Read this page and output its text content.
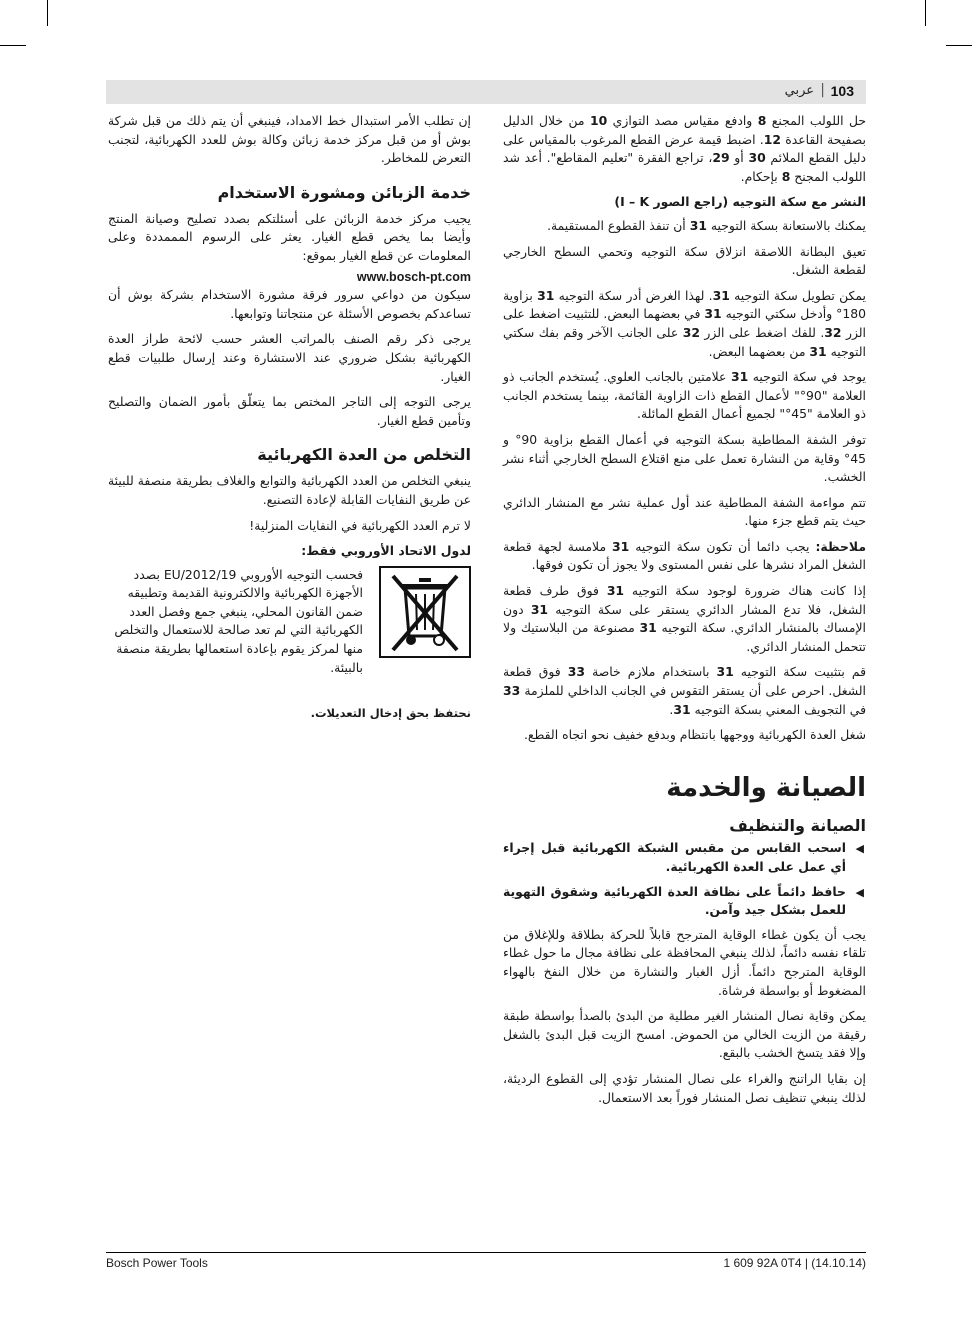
103
|
عربي

حل اللولب المجنع 8 وادفع مقياس مصد التوازي 10 من خلال الدليل بصفيحة القاعدة 12. اضبط قيمة عرض القطع المرغوب بالمقياس على دليل القطع الملائم 30 أو 29، تراجع الفقرة "تعليم المقاطع". أعد شد اللولب المجنح 8 بإحكام.

النشر مع سكة التوجيه (راجع الصور I – K)

يمكنك بالاستعانة بسكة التوجيه 31 أن تنفذ القطوع المستقيمة.

تعيق البطانة اللاصقة انزلاق سكة التوجيه وتحمي السطح الخارجي لقطعة الشغل.

يمكن تطويل سكة التوجيه 31. لهذا الغرض أدر سكة التوجيه 31 بزاوية 180° وأدخل سكتي التوجيه 31 في بعضهما البعض. للتثبيت اضغط على الزر 32. للفك اضغط على الزر 32 على الجانب الآخر وقم بفك سكتي التوجيه 31 من بعضهما البعض.

يوجد في سكة التوجيه 31 علامتين بالجانب العلوي. يُستخدم الجانب ذو العلامة "90°" لأعمال القطع ذات الزاوية القائمة، بينما يستخدم الجانب ذو العلامة "45°" لجميع أعمال القطع المائلة.

توفر الشفة المطاطية بسكة التوجيه في أعمال القطع بزاوية 90° و 45° وقاية من النشارة تعمل على منع اقتلاع السطح الخارجي أثناء نشر الخشب.

تتم مواءمة الشفة المطاطية عند أول عملية نشر مع المنشار الدائري حيث يتم قطع جزء منها.

ملاحظة: يجب دائما أن تكون سكة التوجيه 31 ملامسة لجهة قطعة الشغل المراد نشرها على نفس المستوى ولا يجوز أن تكون فوقها.

إذا كانت هناك ضرورة لوجود سكة التوجيه 31 فوق طرف قطعة الشغل، فلا تدع المشار الدائري يستقر على سكة التوجيه 31 دون الإمساك بالمنشار الدائري. سكة التوجيه 31 مصنوعة من البلاستيك ولا تتحمل المنشار الدائري.

قم بتثبيت سكة التوجيه 31 باستخدام ملازم خاصة 33 فوق قطعة الشغل. احرص على أن يستقر التقوس في الجانب الداخلي للملزمة 33 في التجويف المعني بسكة التوجيه 31.

شغل العدة الكهربائية ووجهها بانتظام وبدفع خفيف نحو اتجاه القطع.

الصيانة والخدمة
الصيانة والتنظيف
◀
اسحب القابس من مقبس الشبكة الكهربائية قبل إجراء أي عمل على العدة الكهربائية.
◀
حافظ دائماً على نظافة العدة الكهربائية وشقوق التهوية للعمل بشكل جيد وآمن.

يجب أن يكون غطاء الوقاية المترجح قابلاً للحركة بطلاقة وللإغلاق من تلقاء نفسه دائماً، لذلك ينبغي المحافظة على نظافة مجال ما حول غطاء الوقاية المترجح دائماً. أزل الغبار والنشارة من خلال النفخ بالهواء المضغوط أو بواسطة فرشاة.

يمكن وقاية نصال المنشار الغير مطلية من البدئ بالصدأ بواسطة طبقة رقيقة من الزيت الخالي من الحموض. امسح الزيت قبل البدئ بالشغل وإلا فقد يتسخ الخشب بالبقع.

إن بقايا الراتنج والغراء على نصال المنشار تؤدي إلى القطوع الرديئة، لذلك ينبغي تنظيف نصل المنشار فوراً بعد الاستعمال.

إن تطلب الأمر استبدال خط الامداد، فينبغي أن يتم ذلك من قبل شركة بوش أو من قبل مركز خدمة زبائن وكالة بوش للعدد الكهربائية، لتجنب التعرض للمخاطر.

خدمة الزبائن ومشورة الاستخدام

يجيب مركز خدمة الزبائن على أسئلتكم بصدد تصليح وصيانة المنتج وأيضا بما يخص قطع الغيار. يعثر على الرسوم المممددة وعلى المعلومات عن قطع الغيار بموقع:

www.bosch-pt.com

سيكون من دواعي سرور فرقة مشورة الاستخدام بشركة بوش أن تساعدكم بخصوص الأسئلة عن منتجاتنا وتوابعها.

يرجى ذكر رقم الصنف بالمراتب العشر حسب لائحة طراز العدة الكهربائية بشكل ضروري عند الاستشارة وعند إرسال طلبيات قطع الغيار.

يرجى التوجه إلى التاجر المختص بما يتعلّق بأمور الضمان والتصليح وتأمين قطع الغيار.

التخلص من العدة الكهربائية

ينبغي التخلص من العدد الكهربائية والتوابع والغلاف بطريقة منصفة للبيئة عن طريق النفايات القابلة لإعادة التصنيع.

لا ترم العدد الكهربائية في النفايات المنزلية!

لدول الاتحاد الأوروبي فقط:
فحسب التوجيه الأوروبي 2012/19/EU بصدد الأجهزة الكهربائية والالكترونية القديمة وتطبيقه ضمن القانون المحلي، ينبغي جمع وفصل العدد الكهربائية التي لم تعد صالحة للاستعمال والتخلص منها لمركز يقوم بإعادة استعمالها بطريقة منصفة بالبيئة.
نحتفظ بحق إدخال التعديلات.
Bosch Power Tools	1 609 92A 0T4 | (14.10.14)
